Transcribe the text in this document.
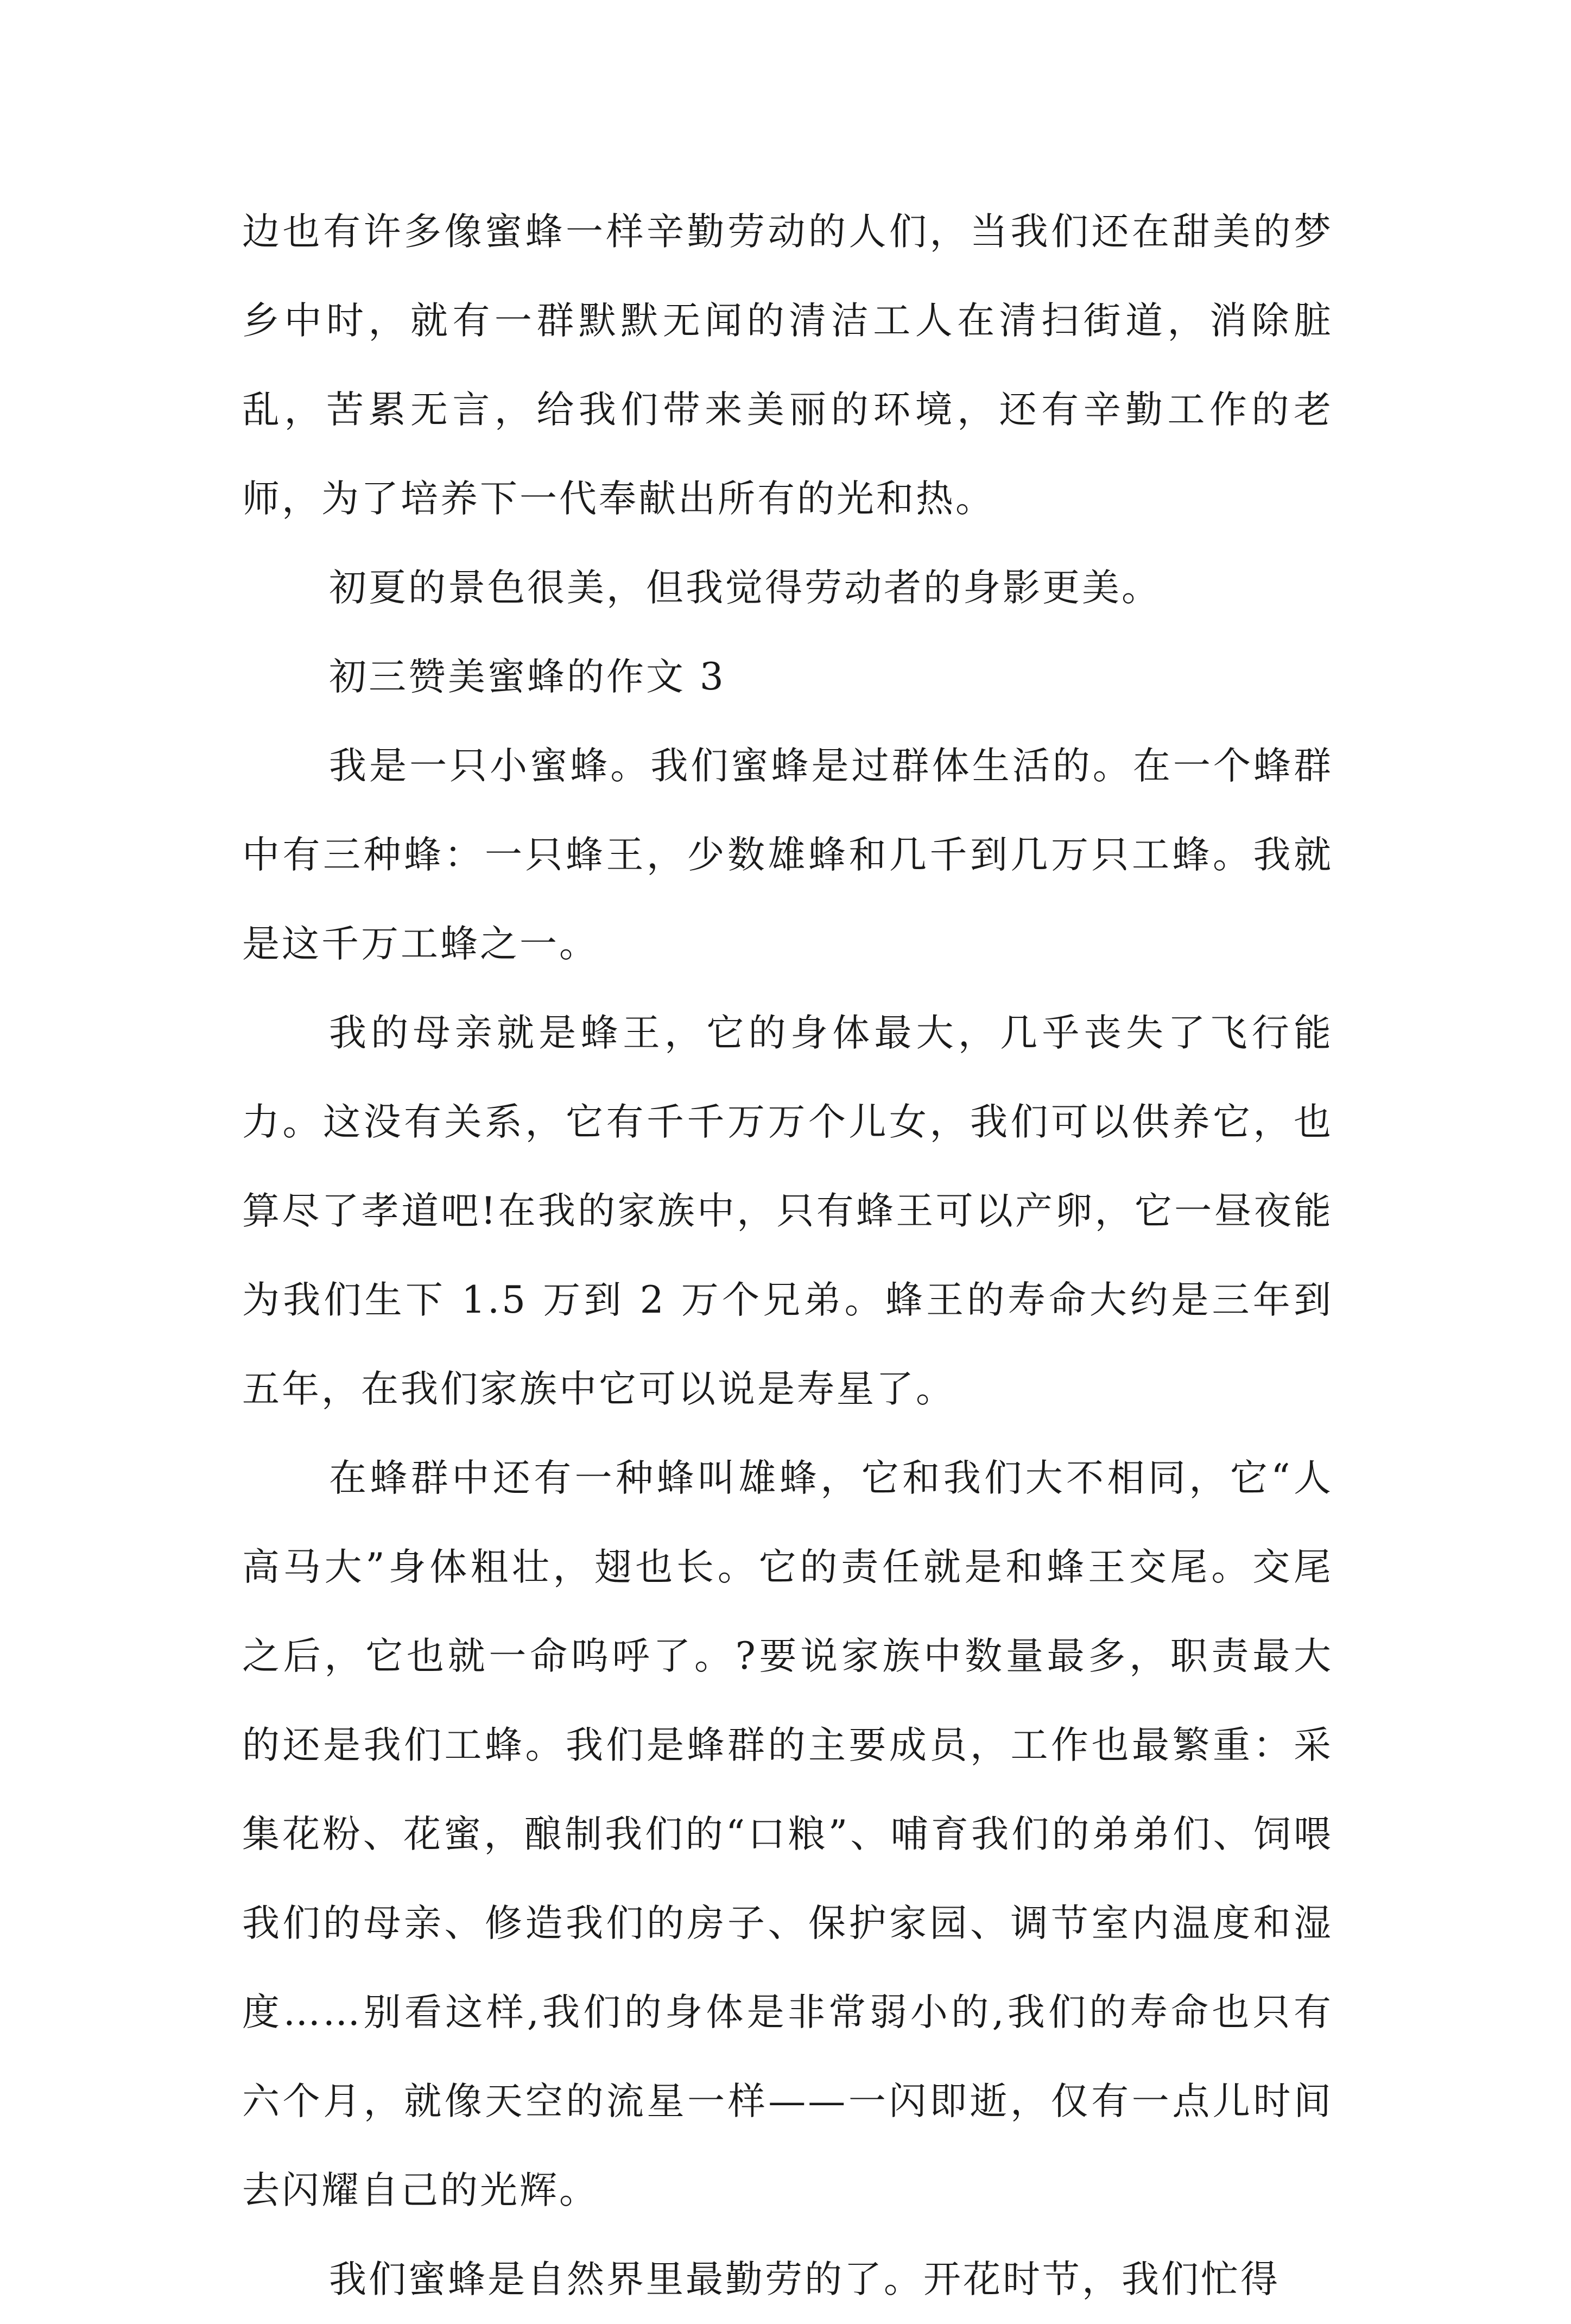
边也有许多像蜜蜂一样辛勤劳动的人们，当我们还在甜美的梦乡中时，就有一群默默无闻的清洁工人在清扫街道，消除脏乱，苦累无言，给我们带来美丽的环境，还有辛勤工作的老师，为了培养下一代奉献出所有的光和热。

初夏的景色很美，但我觉得劳动者的身影更美。

初三赞美蜜蜂的作文 3

我是一只小蜜蜂。我们蜜蜂是过群体生活的。在一个蜂群中有三种蜂：一只蜂王，少数雄蜂和几千到几万只工蜂。我就是这千万工蜂之一。

我的母亲就是蜂王，它的身体最大，几乎丧失了飞行能力。这没有关系，它有千千万万个儿女，我们可以供养它，也算尽了孝道吧!在我的家族中，只有蜂王可以产卵，它一昼夜能为我们生下 1.5 万到 2 万个兄弟。蜂王的寿命大约是三年到五年，在我们家族中它可以说是寿星了。

在蜂群中还有一种蜂叫雄蜂，它和我们大不相同，它“人高马大”身体粗壮，翅也长。它的责任就是和蜂王交尾。交尾之后，它也就一命呜呼了。?要说家族中数量最多，职责最大的还是我们工蜂。我们是蜂群的主要成员，工作也最繁重：采集花粉、花蜜，酿制我们的“口粮”、哺育我们的弟弟们、饲喂我们的母亲、修造我们的房子、保护家园、调节室内温度和湿度……别看这样,我们的身体是非常弱小的,我们的寿命也只有六个月，就像天空的流星一样——一闪即逝，仅有一点儿时间去闪耀自己的光辉。

我们蜜蜂是自然界里最勤劳的了。开花时节，我们忙得
